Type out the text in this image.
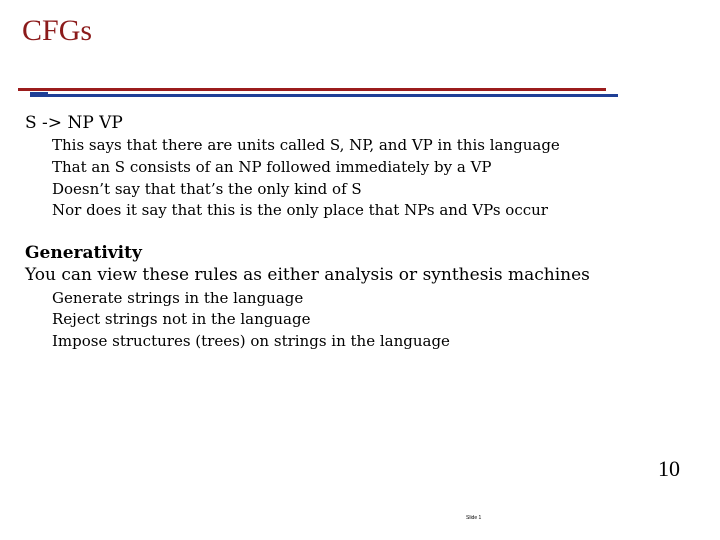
CFGs
S -> NP VP
This says that there are units called S, NP, and VP in this language
That an S consists of an NP followed immediately by a VP
Doesn’t say that that’s the only kind of S
Nor does it say that this is the only place that NPs and VPs occur
Generativity
You can view these rules as either analysis or synthesis machines
Generate strings in the language
Reject strings not in the language
Impose structures (trees) on strings in the language
10
Slide 1
